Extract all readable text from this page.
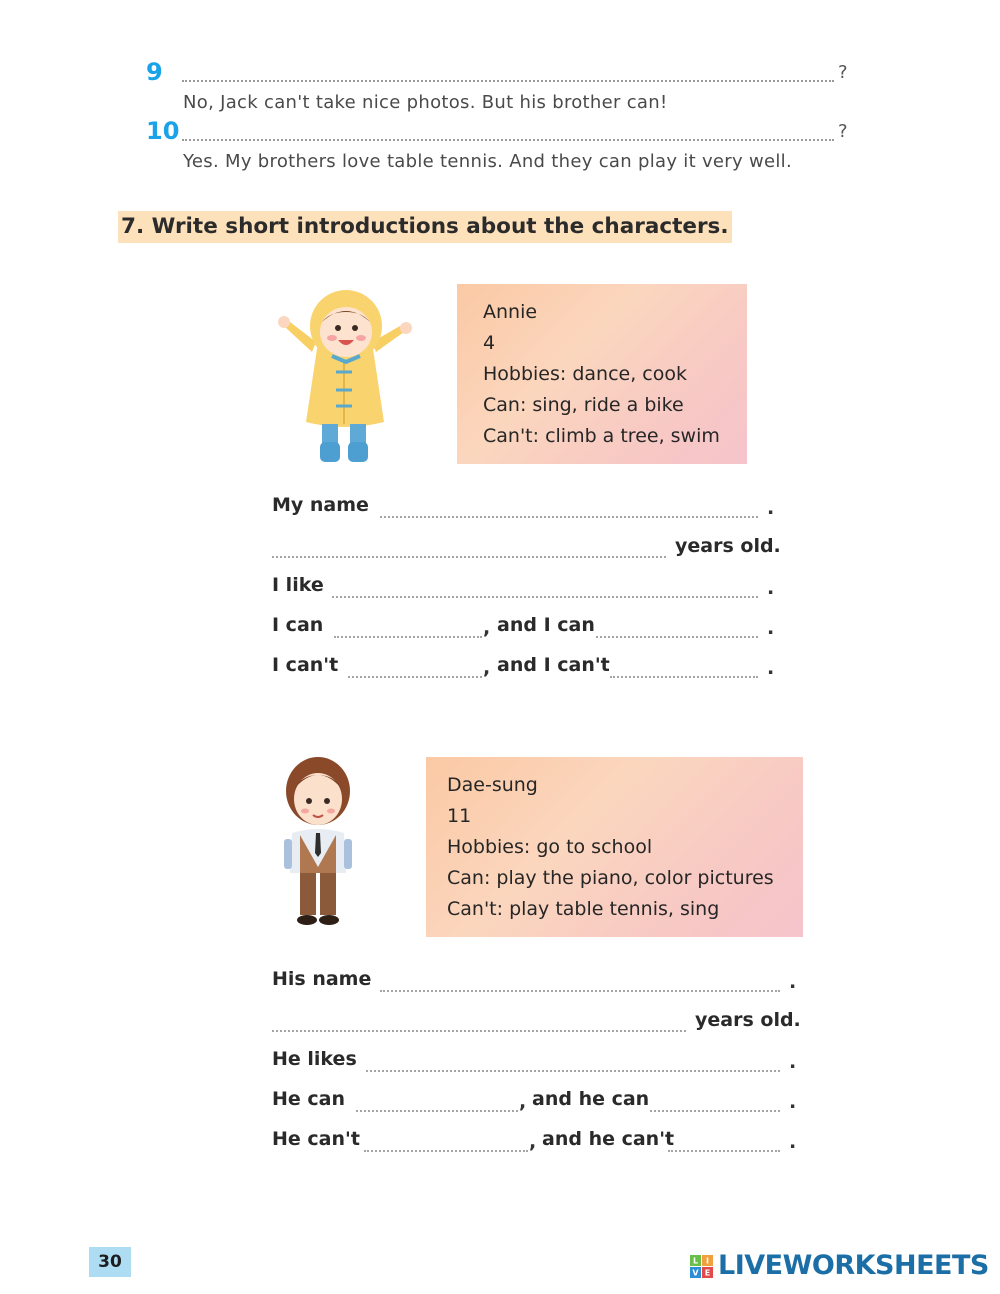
9	?
No, Jack can't take nice photos. But his brother can!
10	?
Yes. My brothers love table tennis. And they can play it very well.
7. Write short introductions about the characters.
Annie
4
Hobbies: dance, cook
Can: sing, ride a bike
Can't: climb a tree, swim
My name	.
years old.
I like	.
I can	, and I can	.
I can't	, and I can't	.
Dae-sung
11
Hobbies: go to school
Can: play the piano, color pictures
Can't: play table tennis, sing
His name	.
years old.
He likes	.
He can	, and he can	.
He can't	, and he can't	.
30	L I
V E LIVEWORKSHEETS
